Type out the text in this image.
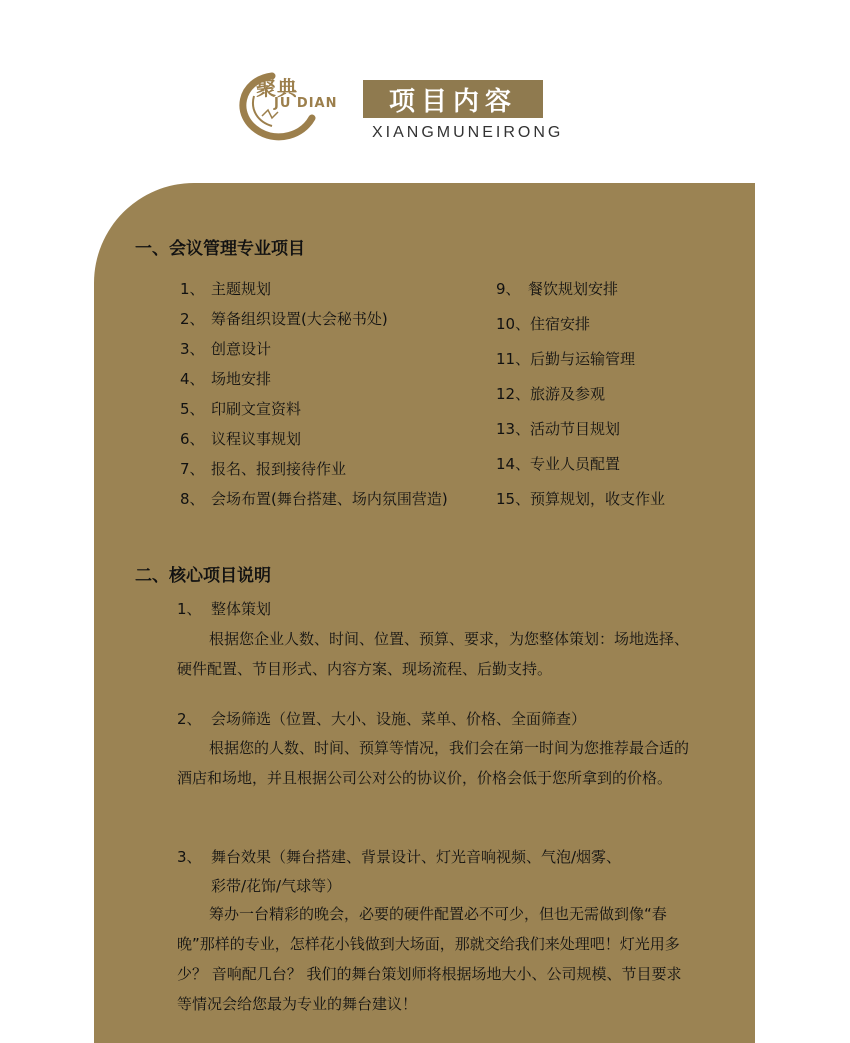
聚典
JU DIAN	项目内容
XIANGMUNEIRONG
一、会议管理专业项目
1、 主题规划
2、 筹备组织设置(大会秘书处)
3、 创意设计
4、 场地安排
5、 印刷文宣资料
6、 议程议事规划
7、 报名、报到接待作业
8、 会场布置(舞台搭建、场内氛围营造)
9、 餐饮规划安排
10、住宿安排
11、后勤与运输管理
12、旅游及参观
13、活动节目规划
14、专业人员配置
15、预算规划，收支作业
二、核心项目说明
1、 整体策划
根据您企业人数、时间、位置、预算、要求，为您整体策划：场地选择、硬件配置、节目形式、内容方案、现场流程、后勤支持。
2、 会场筛选（位置、大小、设施、菜单、价格、全面筛查）
根据您的人数、时间、预算等情况，我们会在第一时间为您推荐最合适的酒店和场地，并且根据公司公对公的协议价，价格会低于您所拿到的价格。
3、 舞台效果（舞台搭建、背景设计、灯光音响视频、气泡/烟雾、
彩带/花饰/气球等）
筹办一台精彩的晚会，必要的硬件配置必不可少，但也无需做到像“春晚”那样的专业，怎样花小钱做到大场面，那就交给我们来处理吧！灯光用多少？ 音响配几台？ 我们的舞台策划师将根据场地大小、公司规模、节目要求等情况会给您最为专业的舞台建议！
